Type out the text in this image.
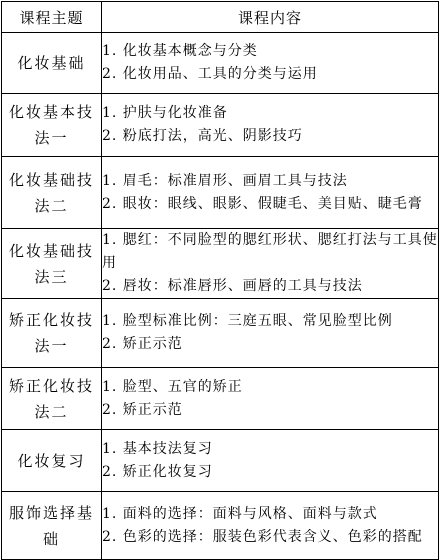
课程主题	课程内容
化妆基础	1. 化妆基本概念与分类
2. 化妆用品、工具的分类与运用

化妆基本技法一	1. 护肤与化妆准备
2. 粉底打法，高光、阴影技巧

化妆基础技法二	1. 眉毛：标准眉形、画眉工具与技法
2. 眼妆：眼线、眼影、假睫毛、美目贴、睫毛膏

化妆基础技法三	1. 腮红：不同脸型的腮红形状、腮红打法与工具使用
2. 唇妆：标准唇形、画唇的工具与技法

矫正化妆技法一	1. 脸型标准比例：三庭五眼、常见脸型比例
2. 矫正示范

矫正化妆技法二	1. 脸型、五官的矫正
2. 矫正示范

化妆复习	1. 基本技法复习
2. 矫正化妆复习

服饰选择基础	1. 面料的选择：面料与风格、面料与款式
2. 色彩的选择：服装色彩代表含义、色彩的搭配
